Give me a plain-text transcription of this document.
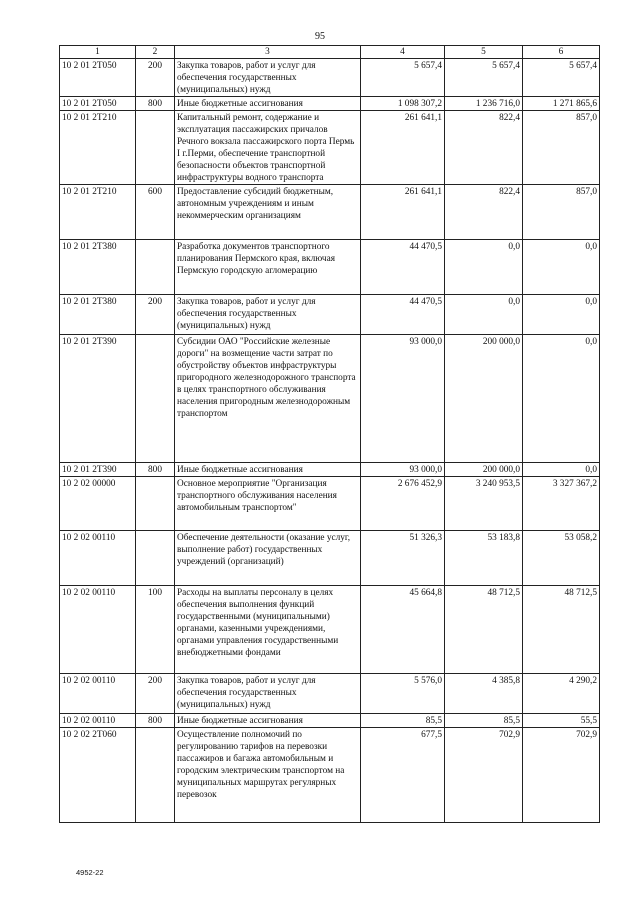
95
1	2	3	4	5	6
10 2 01 2Т050	200	Закупка товаров, работ и услуг для обеспечения государственных (муниципальных) нужд	5 657,4	5 657,4	5 657,4
10 2 01 2Т050	800	Иные бюджетные ассигнования	1 098 307,2	1 236 716,0	1 271 865,6
10 2 01 2Т210		Капитальный ремонт, содержание и эксплуатация пассажирских причалов Речного вокзала пассажирского порта Пермь I г.Перми, обеспечение транспортной безопасности объектов транспортной инфраструктуры водного транспорта	261 641,1	822,4	857,0
10 2 01 2Т210	600	Предоставление субсидий бюджетным, автономным учреждениям и иным некоммерческим организациям	261 641,1	822,4	857,0
10 2 01 2Т380		Разработка документов транспортного планирования Пермского края, включая Пермскую городскую агломерацию	44 470,5	0,0	0,0
10 2 01 2Т380	200	Закупка товаров, работ и услуг для обеспечения государственных (муниципальных) нужд	44 470,5	0,0	0,0
10 2 01 2Т390		Субсидии ОАО "Российские железные дороги" на возмещение части затрат по обустройству объектов инфраструктуры пригородного железнодорожного транспорта в целях транспортного обслуживания населения пригородным железнодорожным транспортом	93 000,0	200 000,0	0,0
10 2 01 2Т390	800	Иные бюджетные ассигнования	93 000,0	200 000,0	0,0
10 2 02 00000		Основное мероприятие "Организация транспортного обслуживания населения автомобильным транспортом"	2 676 452,9	3 240 953,5	3 327 367,2
10 2 02 00110		Обеспечение деятельности (оказание услуг, выполнение работ) государственных учреждений (организаций)	51 326,3	53 183,8	53 058,2
10 2 02 00110	100	Расходы на выплаты персоналу в целях обеспечения выполнения функций государственными (муниципальными) органами, казенными учреждениями, органами управления государственными внебюджетными фондами	45 664,8	48 712,5	48 712,5
10 2 02 00110	200	Закупка товаров, работ и услуг для обеспечения государственных (муниципальных) нужд	5 576,0	4 385,8	4 290,2
10 2 02 00110	800	Иные бюджетные ассигнования	85,5	85,5	55,5
10 2 02 2Т060		Осуществление полномочий по регулированию тарифов на перевозки пассажиров и багажа автомобильным и городским электрическим транспортом на муниципальных маршрутах регулярных перевозок	677,5	702,9	702,9
4952-22
